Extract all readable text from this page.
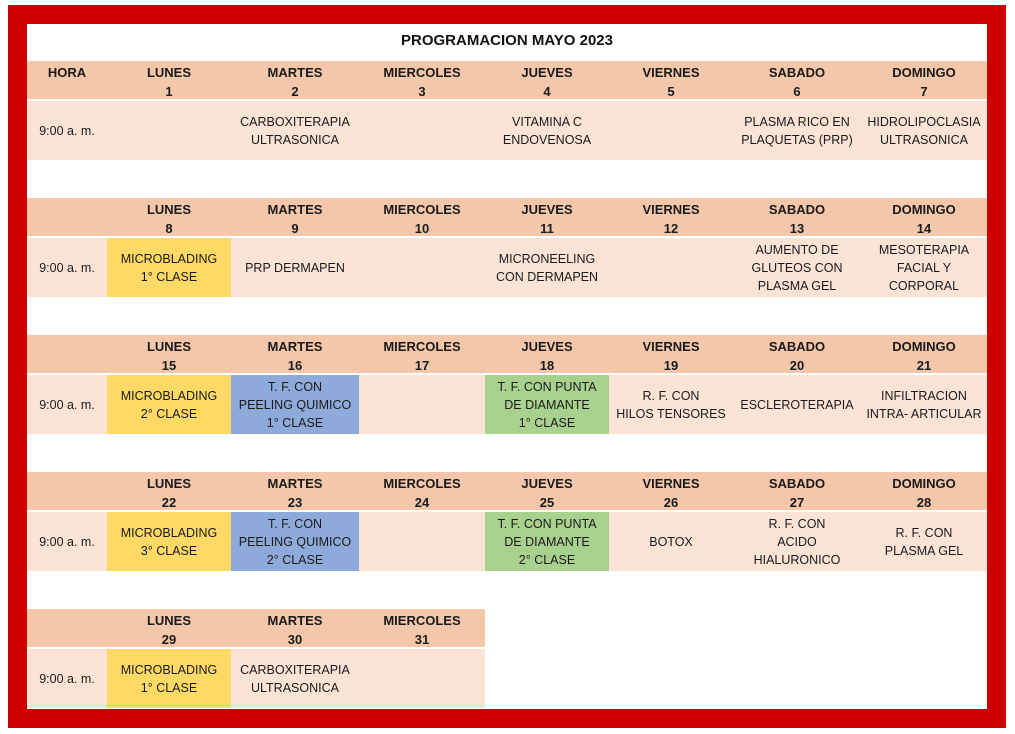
PROGRAMACION MAYO 2023
HORA	LUNES
1
MARTES
2
MIERCOLES
3
JUEVES
4
VIERNES
5
SABADO
6
DOMINGO
7
9:00 a. m.
CARBOXITERAPIA
ULTRASONICA
VITAMINA C
ENDOVENOSA
PLASMA RICO EN
PLAQUETAS (PRP)
HIDROLIPOCLASIA
ULTRASONICA
LUNES
8
MARTES
9
MIERCOLES
10
JUEVES
11
VIERNES
12
SABADO
13
DOMINGO
14
9:00 a. m.
MICROBLADING
1° CLASE
PRP DERMAPEN
MICRONEELING
CON DERMAPEN
AUMENTO DE
GLUTEOS CON
PLASMA GEL
MESOTERAPIA
FACIAL Y
CORPORAL
LUNES
15
MARTES
16
MIERCOLES
17
JUEVES
18
VIERNES
19
SABADO
20
DOMINGO
21
9:00 a. m.
MICROBLADING
2° CLASE
T. F. CON
PEELING QUIMICO
1° CLASE
T. F. CON PUNTA
DE DIAMANTE
1° CLASE
R. F. CON
HILOS TENSORES
ESCLEROTERAPIA
INFILTRACION
INTRA- ARTICULAR
LUNES
22
MARTES
23
MIERCOLES
24
JUEVES
25
VIERNES
26
SABADO
27
DOMINGO
28
9:00 a. m.
MICROBLADING
3° CLASE
T. F. CON
PEELING QUIMICO
2° CLASE
T. F. CON PUNTA
DE DIAMANTE
2° CLASE
BOTOX
R. F. CON
ACIDO
HIALURONICO
R. F. CON
PLASMA GEL
LUNES
29
MARTES
30
MIERCOLES
31
9:00 a. m.
MICROBLADING
1° CLASE
CARBOXITERAPIA
ULTRASONICA
